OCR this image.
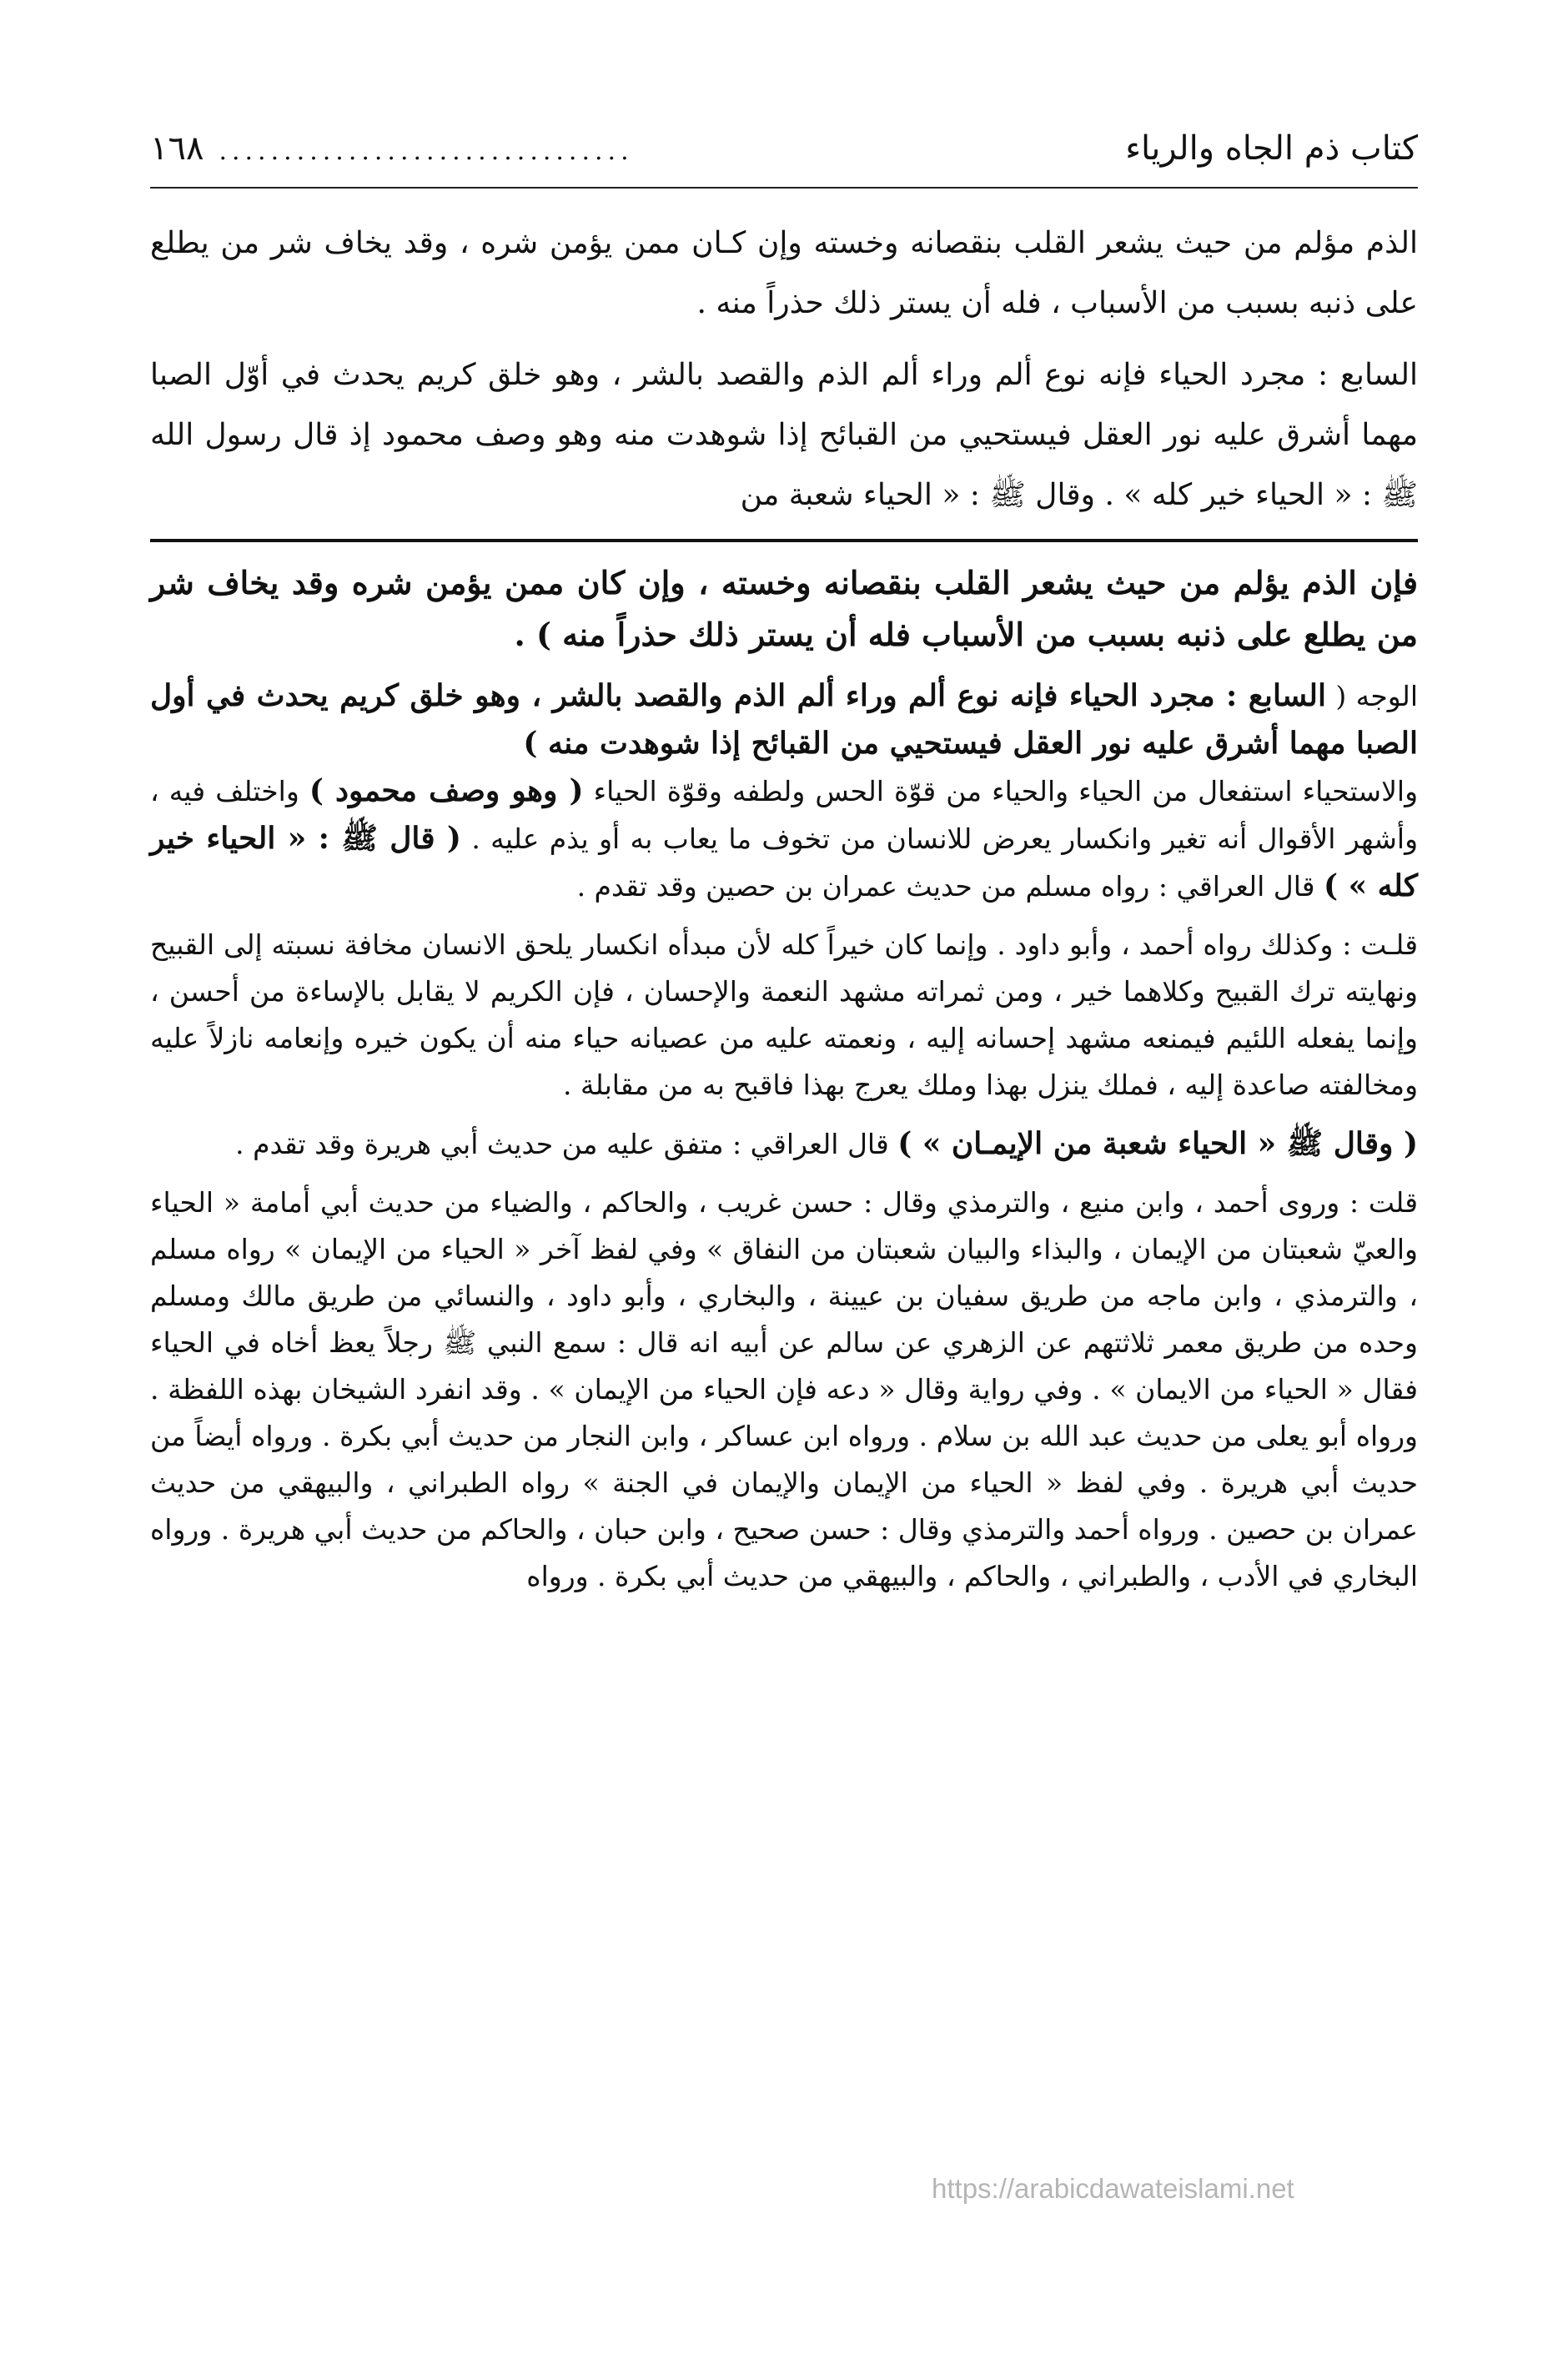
كتاب ذم الجاه والرياء
................................
١٦٨

الذم مؤلم من حيث يشعر القلب بنقصانه وخسته وإن كـان ممن يؤمن شره ، وقد يخاف شر من يطلع على ذنبه بسبب من الأسباب ، فله أن يستر ذلك حذراً منه .

السابع : مجرد الحياء فإنه نوع ألم وراء ألم الذم والقصد بالشر ، وهو خلق كريم يحدث في أوّل الصبا مهما أشرق عليه نور العقل فيستحيي من القبائح إذا شوهدت منه وهو وصف محمود إذ قال رسول الله ﷺ : « الحياء خير كله » . وقال ﷺ : « الحياء شعبة من

فإن الذم يؤلم من حيث يشعر القلب بنقصانه وخسته ، وإن كان ممن يؤمن شره وقد يخاف شر من يطلع على ذنبه بسبب من الأسباب فله أن يستر ذلك حذراً منه ) .

الوجه ( السابع : مجرد الحياء فإنه نوع ألم وراء ألم الذم والقصد بالشر ، وهو خلق كريم يحدث في أول الصبا مهما أشرق عليه نور العقل فيستحيي من القبائح إذا شوهدت منه )

والاستحياء استفعال من الحياء والحياء من قوّة الحس ولطفه وقوّة الحياء ( وهو وصف محمود ) واختلف فيه ، وأشهر الأقوال أنه تغير وانكسار يعرض للانسان من تخوف ما يعاب به أو يذم عليه . ( قال ﷺ : « الحياء خير كله » ) قال العراقي : رواه مسلم من حديث عمران بن حصين وقد تقدم .

قلـت : وكذلك رواه أحمد ، وأبو داود . وإنما كان خيراً كله لأن مبدأه انكسار يلحق الانسان مخافة نسبته إلى القبيح ونهايته ترك القبيح وكلاهما خير ، ومن ثمراته مشهد النعمة والإحسان ، فإن الكريم لا يقابل بالإساءة من أحسن ، وإنما يفعله اللئيم فيمنعه مشهد إحسانه إليه ، ونعمته عليه من عصيانه حياء منه أن يكون خيره وإنعامه نازلاً عليه ومخالفته صاعدة إليه ، فملك ينزل بهذا وملك يعرج بهذا فاقبح به من مقابلة .

( وقال ﷺ « الحياء شعبة من الإيمـان » ) قال العراقي : متفق عليه من حديث أبي هريرة وقد تقدم .

قلت : وروى أحمد ، وابن منيع ، والترمذي وقال : حسن غريب ، والحاكم ، والضياء من حديث أبي أمامة « الحياء والعيّ شعبتان من الإيمان ، والبذاء والبيان شعبتان من النفاق » وفي لفظ آخر « الحياء من الإيمان » رواه مسلم ، والترمذي ، وابن ماجه من طريق سفيان بن عيينة ، والبخاري ، وأبو داود ، والنسائي من طريق مالك ومسلم وحده من طريق معمر ثلاثتهم عن الزهري عن سالم عن أبيه انه قال : سمع النبي ﷺ رجلاً يعظ أخاه في الحياء فقال « الحياء من الايمان » . وفي رواية وقال « دعه فإن الحياء من الإيمان » . وقد انفرد الشيخان بهذه اللفظة . ورواه أبو يعلى من حديث عبد الله بن سلام . ورواه ابن عساكر ، وابن النجار من حديث أبي بكرة . ورواه أيضاً من حديث أبي هريرة . وفي لفظ « الحياء من الإيمان والإيمان في الجنة » رواه الطبراني ، والبيهقي من حديث عمران بن حصين . ورواه أحمد والترمذي وقال : حسن صحيح ، وابن حبان ، والحاكم من حديث أبي هريرة . ورواه البخاري في الأدب ، والطبراني ، والحاكم ، والبيهقي من حديث أبي بكرة . ورواه

https://arabicdawateislami.net
